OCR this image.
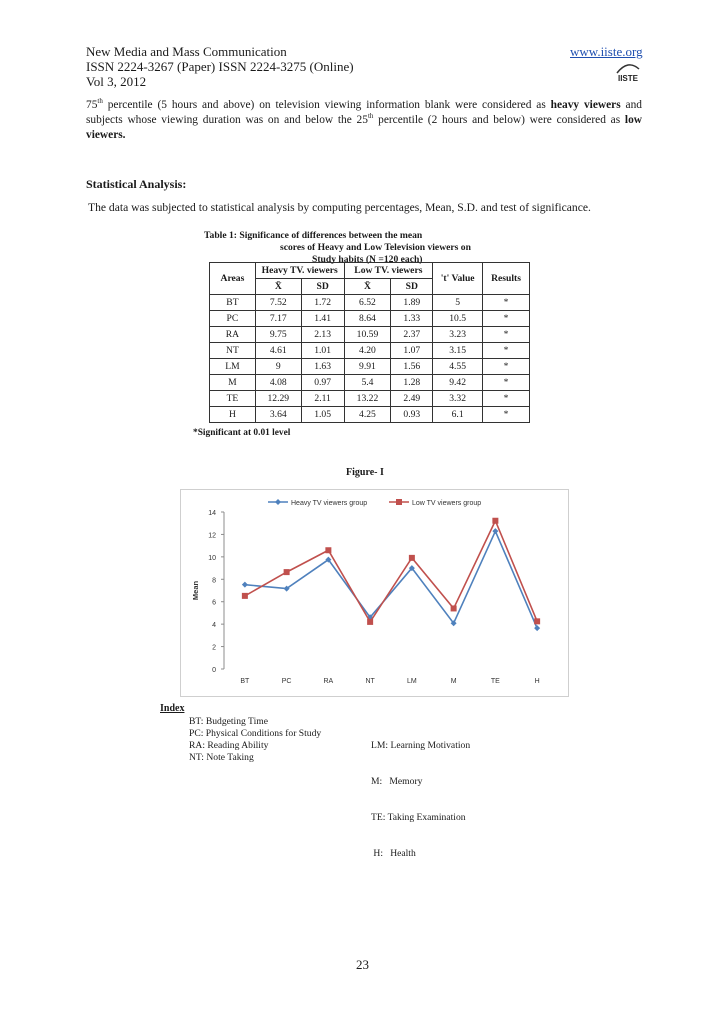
New Media and Mass Communication
ISSN 2224-3267 (Paper) ISSN 2224-3275 (Online)
Vol 3, 2012
www.iiste.org
IISTE
75th percentile (5 hours and above) on television viewing information blank were considered as heavy viewers and subjects whose viewing duration was on and below the 25th percentile (2 hours and below) were considered as low viewers.
Statistical Analysis:
The data was subjected to statistical analysis by computing percentages, Mean, S.D. and test of significance.
Table 1: Significance of differences between the mean
scores of Heavy and Low Television viewers on
Study habits (N =120 each)
Areas	Heavy TV. viewers		Low TV. viewers		't' Value	Results
	X̄	SD	X̄	SD		
BT	7.52	1.72	6.52	1.89	5	*
PC	7.17	1.41	8.64	1.33	10.5	*
RA	9.75	2.13	10.59	2.37	3.23	*
NT	4.61	1.01	4.20	1.07	3.15	*
LM	9	1.63	9.91	1.56	4.55	*
M	4.08	0.97	5.4	1.28	9.42	*
TE	12.29	2.11	13.22	2.49	3.32	*
H	3.64	1.05	4.25	0.93	6.1	*
*Significant at 0.01 level
Figure- I
0
2
4
6
8
10
12
14
BT	PC	RA	NT	LM	M	TE	H
Mean
Heavy TV viewers group	Low TV viewers group
Index
BT: Budgeting Time
PC: Physical Conditions for Study
RA: Reading Ability
NT: Note Taking

LM: Learning Motivation

M:   Memory

TE: Taking Examination

H:   Health

23
